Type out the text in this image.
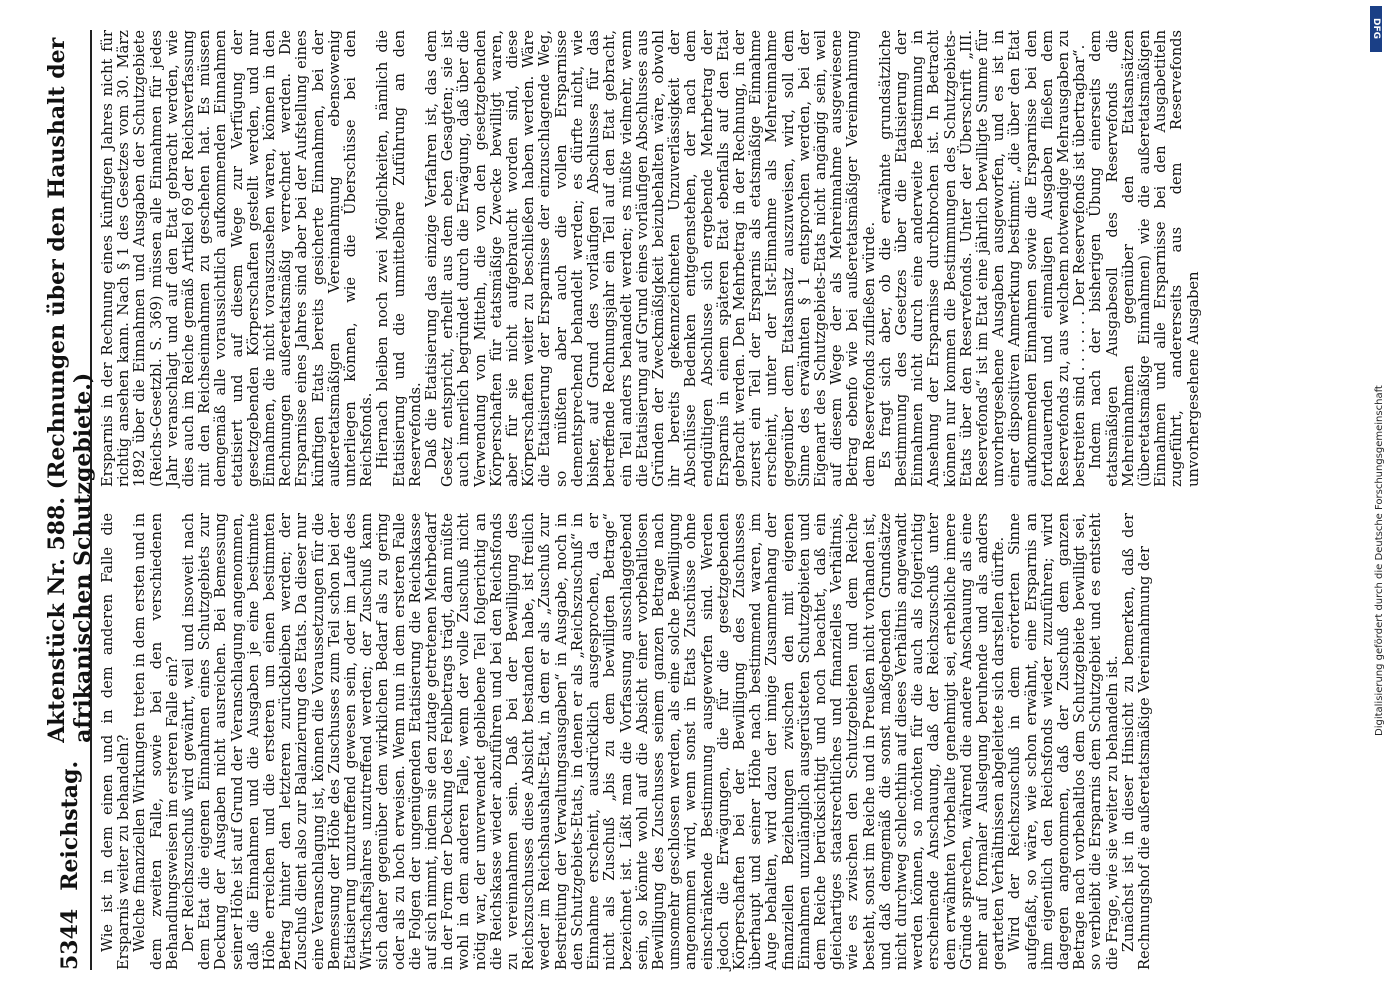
5344
Reichstag.
Aktenstück Nr. 588. (Rechnungen über den Haushalt der afrikanischen Schutzgebiete.) Wie ist in dem einen und in dem anderen Falle die Ersparnis weiter zu behandeln? Welche finanziellen Wirkungen treten in dem ersten und in dem zweiten Falle, sowie bei den verschiedenen Behandlungsweisen im ersteren Falle ein? Der Reichszuschuß wird gewährt, weil und insoweit nach dem Etat die eigenen Einnahmen eines Schutzgebiets zur Deckung der Ausgaben nicht ausreichen. Bei Bemessung seiner Höhe ist auf Grund der Veranschlagung angenommen, daß die Einnahmen und die Ausgaben je eine bestimmte Höhe erreichen und die ersteren um einen bestimmten Betrag hinter den letzteren zurückbleiben werden; der Zuschuß dient also zur Balanzierung des Etats. Da dieser nur eine Veranschlagung ist, können die Voraussetzungen für die Bemessung der Höhe des Zuschusses zum Teil schon bei der Etatisierung unzutreffend gewesen sein, oder im Laufe des Wirtschaftsjahres unzutreffend werden; der Zuschuß kann sich daher gegenüber dem wirklichen Bedarf als zu gering oder als zu hoch erweisen. Wenn nun in dem ersteren Falle die Folgen der ungenügenden Etatisierung die Reichskasse auf sich nimmt, indem sie den zutage getretenen Mehrbedarf in der Form der Deckung des Fehlbetrags trägt, dann müßte wohl in dem anderen Falle, wenn der volle Zuschuß nicht nötig war, der unverwendet gebliebene Teil folgerichtig an die Reichskasse wieder abzuführen und bei den Reichsfonds zu vereinnahmen sein. Daß bei der Bewilligung des Reichszuschusses diese Absicht bestanden habe, ist freilich weder im Reichshaushalts-Etat, in dem er als „Zuschuß zur Bestreitung der Verwaltungsausgaben“ in Ausgabe, noch in den Schutzgebiets-Etats, in denen er als „Reichszuschuß“ in Einnahme erscheint, ausdrücklich ausgesprochen, da er nicht als Zuschuß „bis zu dem bewilligten Betrage“ bezeichnet ist. Läßt man die Vorfassung ausschlaggebend sein, so könnte wohl auf die Absicht einer vorbehaltlosen Bewilligung des Zuschusses seinem ganzen Betrage nach umsomehr geschlossen werden, als eine solche Bewilligung angenommen wird, wenn sonst in Etats Zuschüsse ohne einschränkende Bestimmung ausgeworfen sind. Werden jedoch die Erwägungen, die für die gesetzgebenden Körperschaften bei der Bewilligung des Zuschusses überhaupt und seiner Höhe nach bestimmend waren, im Auge behalten, wird dazu der innige Zusammenhang der finanziellen Beziehungen zwischen den mit eigenen Einnahmen unzulänglich ausgerüsteten Schutzgebieten und dem Reiche berücksichtigt und noch beachtet, daß ein gleichartiges staatsrechtliches und finanzielles Verhältnis, wie es zwischen den Schutzgebieten und dem Reiche besteht, sonst im Reiche und in Preußen nicht vorhanden ist, und daß demgemäß die sonst maßgebenden Grundsätze nicht durchweg schlechthin auf dieses Verhältnis angewandt werden können, so möchten für die auch als folgerichtig erscheinende Anschauung, daß der Reichszuschuß unter dem erwähnten Vorbehalte genehmigt sei, erhebliche innere Gründe sprechen, während die andere Anschauung als eine mehr auf formaler Auslegung beruhende und als anders gearteten Verhältnissen abgeleitete sich darstellen dürfte. Wird der Reichszuschuß in dem erörterten Sinne aufgefaßt, so wäre, wie schon erwähnt, eine Ersparnis an ihm eigentlich den Reichsfonds wieder zuzuführen; wird dagegen angenommen, daß der Zuschuß dem ganzen Betrage nach vorbehaltlos dem Schutzgebiete bewilligt sei, so verbleibt die Ersparnis dem Schutzgebiet und es entsteht die Frage, wie sie weiter zu behandeln ist. Zunächst ist in dieser Hinsicht zu bemerken, daß der Rechnungshof die außeretatsmäßige Vereinnahmung der

Ersparnis in der Rechnung eines künftigen Jahres nicht für richtig ansehen kann. Nach § 1 des Gesetzes vom 30. März 1892 über die Einnahmen und Ausgaben der Schutzgebiete (Reichs-Gesetzbl. S. 369) müssen alle Einnahmen für jedes Jahr veranschlagt und auf den Etat gebracht werden, wie dies auch im Reiche gemäß Artikel 69 der Reichsverfassung mit den Reichseinnahmen zu geschehen hat. Es müssen demgemäß alle voraussichtlich aufkommenden Einnahmen etatisiert und auf diesem Wege zur Verfügung der gesetzgebenden Körperschaften gestellt werden, und nur Einnahmen, die nicht vorauszusehen waren, können in den Rechnungen außeretatsmäßig verrechnet werden. Die Ersparnisse eines Jahres sind aber bei der Aufstellung eines künftigen Etats bereits gesicherte Einnahmen, bei der außeretatsmäßigen Vereinnahmung ebensowenig unterliegen können, wie die Überschüsse bei den Reichsfonds. Hiernach bleiben noch zwei Möglichkeiten, nämlich die Etatisierung und die unmittelbare Zuführung an den Reservefonds. Daß die Etatisierung das einzige Verfahren ist, das dem Gesetz entspricht, erhellt aus dem eben Gesagten; sie ist auch innerlich begründet durch die Erwägung, daß über die Verwendung von Mitteln, die von den gesetzgebenden Körperschaften für etatsmäßige Zwecke bewilligt waren, aber für sie nicht aufgebraucht worden sind, diese Körperschaften weiter zu beschließen haben werden. Wäre die Etatisierung der Ersparnisse der einzuschlagende Weg, so müßten aber auch die vollen Ersparnisse dementsprechend behandelt werden; es dürfte nicht, wie bisher, auf Grund des vorläufigen Abschlusses für das betreffende Rechnungsjahr ein Teil auf den Etat gebracht, ein Teil anders behandelt werden; es müßte vielmehr, wenn die Etatisierung auf Grund eines vorläufigen Abschlusses aus Gründen der Zweckmäßigkeit beizubehalten wäre, obwohl ihr bereits gekennzeichneten Unzuverlässigkeit der Abschlüsse Bedenken entgegenstehen, der nach dem endgültigen Abschlusse sich ergebende Mehrbetrag der Ersparnis in einem späteren Etat ebenfalls auf den Etat gebracht werden. Den Mehrbetrag in der Rechnung, in der zuerst ein Teil der Ersparnis als etatsmäßige Einnahme erscheint, unter der Ist-Einnahme als Mehreinnahme gegenüber dem Etatsansatz auszuweisen, wird, soll dem Sinne des erwähnten § 1 entsprochen werden, bei der Eigenart des Schutzgebiets-Etats nicht angängig sein, weil auf diesem Wege der als Mehreinnahme ausgewiesene Betrag ebenfo wie bei außeretatsmäßiger Vereinnahmung dem Reservefonds zufließen würde. Es fragt sich aber, ob die erwähnte grundsätzliche Bestimmung des Gesetzes über die Etatisierung der Einnahmen nicht durch eine anderweite Bestimmung in Ansehung der Ersparnisse durchbrochen ist. In Betracht können nur kommen die Bestimmungen des Schutzgebiets-Etats über den Reservefonds. Unter der Überschrift „III. Reservefonds“ ist im Etat eine jährlich bewilligte Summe für unvorhergesehene Ausgaben ausgeworfen, und es ist in einer dispositiven Anmerkung bestimmt: „die über den Etat aufkommenden Einnahmen sowie die Ersparnisse bei den fortdauernden und einmaligen Ausgaben fließen dem Reservefonds zu, aus welchem notwendige Mehrausgaben zu bestreiten sind . . . . . . . Der Reservefonds ist übertragbar“. Indem nach der bisherigen Übung einerseits dem etatsmäßigen Ausgabesoll des Reservefonds die Mehreinnahmen gegenüber den Etatsansätzen (überetatsmäßige Einnahmen) wie die außeretatsmäßigen Einnahmen und alle Ersparnisse bei den Ausgabetiteln zugeführt, andererseits aus dem Reservefonds unvorhergesehene Ausgaben

Digitalisierung gefördert durch die Deutsche Forschungsgemeinschaft
DFG
